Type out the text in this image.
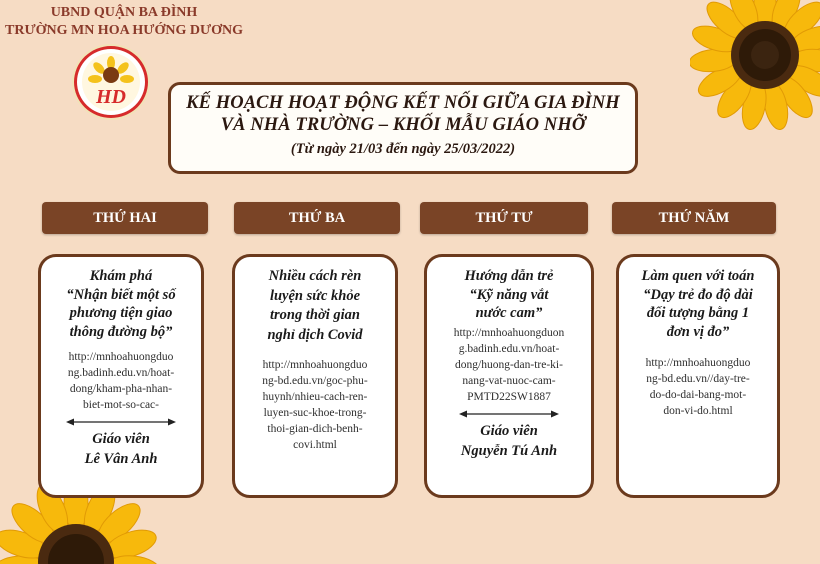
UBND QUẬN BA ĐÌNH
TRƯỜNG MN HOA HƯỚNG DƯƠNG
HD	KẾ HOẠCH HOẠT ĐỘNG KẾT NỐI GIỮA GIA ĐÌNH
VÀ NHÀ TRƯỜNG – KHỐI MẪU GIÁO NHỠ
(Từ ngày 21/03 đến ngày 25/03/2022)
THỨ HAI	THỨ BA	THỨ TƯ	THỨ NĂM
Khám phá
“Nhận biết một số
phương tiện giao
thông đường bộ”
http://mnhoahuongduo
ng.badinh.edu.vn/hoat-
dong/kham-pha-nhan-
biet-mot-so-cac-
Giáo viên
Lê Vân Anh
Nhiều cách rèn
luyện sức khỏe
trong thời gian
nghỉ dịch Covid
http://mnhoahuongduo
ng-bd.edu.vn/goc-phu-
huynh/nhieu-cach-ren-
luyen-suc-khoe-trong-
thoi-gian-dich-benh-
covi.html
Hướng dẫn trẻ
“Kỹ năng vắt
nước cam”
http://mnhoahuongduon
g.badinh.edu.vn/hoat-
dong/huong-dan-tre-ki-
nang-vat-nuoc-cam-
PMTD22SW1887
Giáo viên
Nguyễn Tú Anh
Làm quen với toán
“Dạy trẻ đo độ dài
đối tượng bằng 1
đơn vị đo”
http://mnhoahuongduo
ng-bd.edu.vn//day-tre-
do-do-dai-bang-mot-
don-vi-do.html
